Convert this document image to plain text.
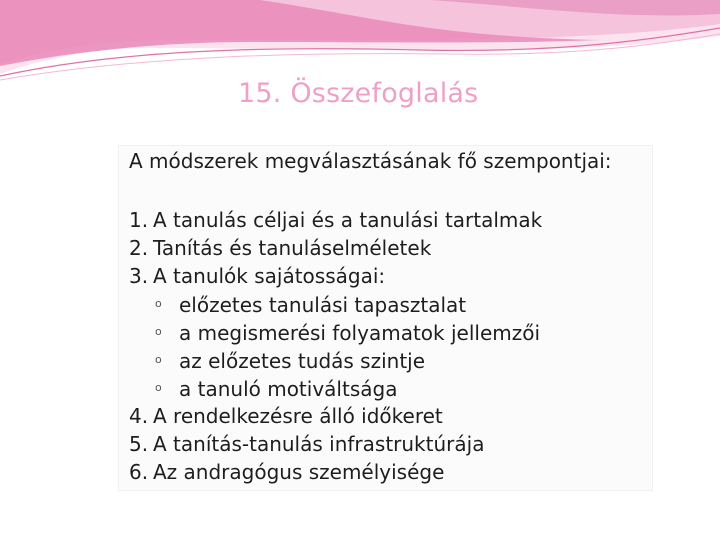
15. Összefoglalás
A módszerek megválasztásának fő szempontjai:
1. A tanulás céljai és a tanulási tartalmak
2. Tanítás és tanuláselméletek
3. A tanulók sajátosságai:
o előzetes tanulási tapasztalat
o a megismerési folyamatok jellemzői
o az előzetes tudás szintje
o a tanuló motiváltsága
4. A rendelkezésre álló időkeret
5. A tanítás-tanulás infrastruktúrája
6. Az andragógus személyisége
